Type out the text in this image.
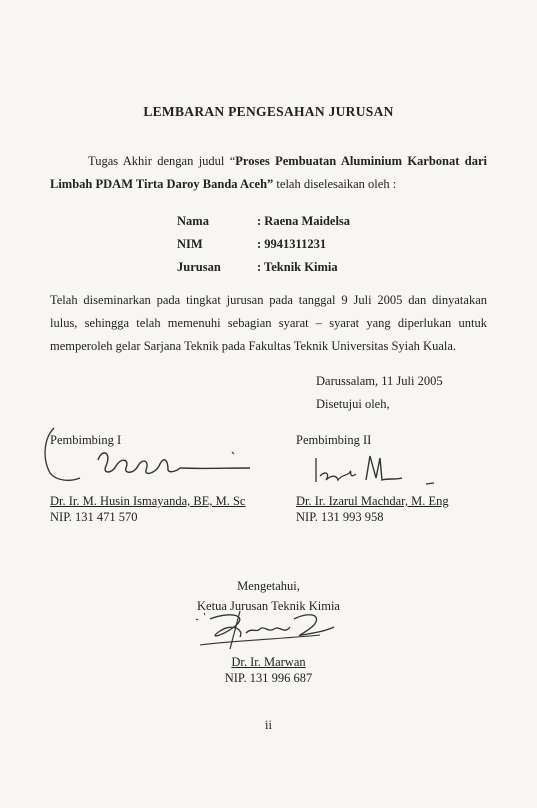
LEMBARAN PENGESAHAN JURUSAN
Tugas Akhir dengan judul “Proses Pembuatan Aluminium Karbonat dari Limbah PDAM Tirta Daroy Banda Aceh” telah diselesaikan oleh :
Nama	: Raena Maidelsa
NIM	: 9941311231
Jurusan	: Teknik Kimia
Telah diseminarkan pada tingkat jurusan pada tanggal 9 Juli 2005 dan dinyatakan lulus, sehingga telah memenuhi sebagian syarat – syarat yang diperlukan untuk memperoleh gelar Sarjana Teknik pada Fakultas Teknik Universitas Syiah Kuala.
Darussalam, 11 Juli 2005
Disetujui oleh,
Pembimbing I
Dr. Ir. M. Husin Ismayanda, BE, M. Sc
NIP. 131 471 570
Pembimbing II
Dr. Ir. Izarul Machdar, M. Eng
NIP. 131 993 958
Mengetahui,
Ketua Jurusan Teknik Kimia
Dr. Ir. Marwan
NIP. 131 996 687
ii
